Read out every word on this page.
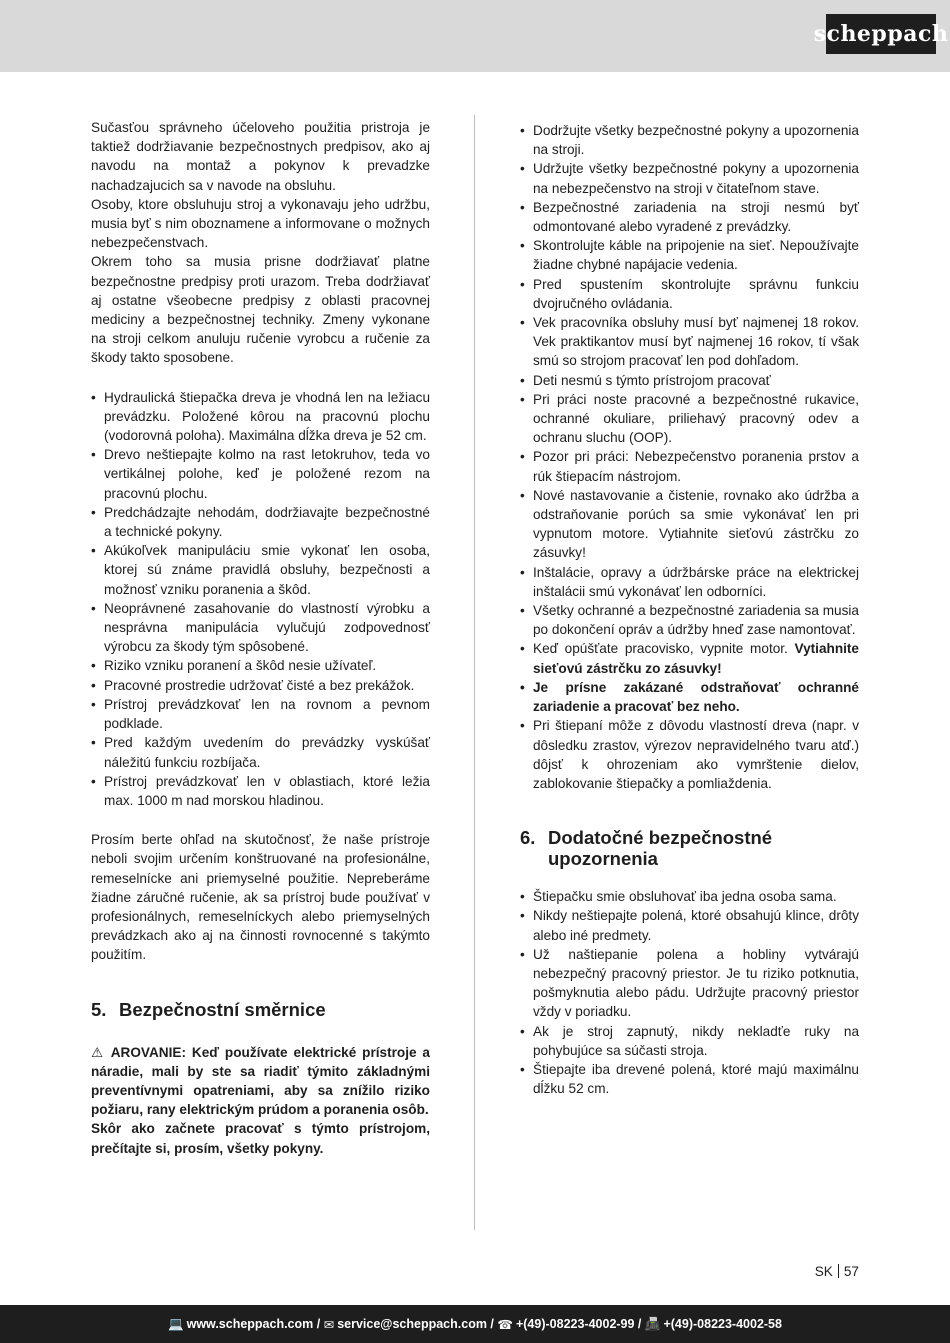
scheppach

Sučasťou správneho účeloveho použitia pristroja je taktiež dodržiavanie bezpečnostnych predpisov, ako aj navodu na montaž a pokynov k prevadzke nachadzajucich sa v navode na obsluhu.

Osoby, ktore obsluhuju stroj a vykonavaju jeho udržbu, musia byť s nim oboznamene a informovane o možnych nebezpečenstvach.

Okrem toho sa musia prisne dodržiavať platne bezpečnostne predpisy proti urazom. Treba dodržiavať aj ostatne všeobecne predpisy z oblasti pracovnej mediciny a bezpečnostnej techniky. Zmeny vykonane na stroji celkom anuluju ručenie vyrobcu a ručenie za škody takto sposobene.

• Hydraulická štiepačka dreva je vhodná len na ležiacu prevádzku. Položené kôrou na pracovnú plochu (vodorovná poloha). Maximálna dĺžka dreva je 52 cm.
• Drevo neštiepajte kolmo na rast letokruhov, teda vo vertikálnej polohe, keď je položené rezom na pracovnú plochu.
• Predchádzajte nehodám, dodržiavajte bezpečnostné a technické pokyny.
• Akúkoľvek manipuláciu smie vykonať len osoba, ktorej sú známe pravidlá obsluhy, bezpečnosti a možnosť vzniku poranenia a škôd.
• Neoprávnené zasahovanie do vlastností výrobku a nesprávna manipulácia vylučujú zodpovednosť výrobcu za škody tým spôsobené.
• Riziko vzniku poranení a škôd nesie užívateľ.
• Pracovné prostredie udržovať čisté a bez prekážok.
• Prístroj prevádzkovať len na rovnom a pevnom podklade.
• Pred každým uvedením do prevádzky vyskúšať náležitú funkciu rozbíjača.
• Prístroj prevádzkovať len v oblastiach, ktoré ležia max. 1000 m nad morskou hladinou.

Prosím berte ohľad na skutočnosť, že naše prístroje neboli svojim určením konštruované na profesionálne, remeselnícke ani priemyselné použitie. Nepreberáme žiadne záručné ručenie, ak sa prístroj bude používať v profesionálnych, remeselníckych alebo priemyselných prevádzkach ako aj na činnosti rovnocenné s takýmto použitím.

5. Bezpečnostní směrnice

⚠ AROVANIE: Keď používate elektrické prístroje a náradie, mali by ste sa riadiť týmito základnými preventívnymi opatreniami, aby sa znížilo riziko požiaru, rany elektrickým prúdom a poranenia osôb.

Skôr ako začnete pracovať s týmto prístrojom, prečítajte si, prosím, všetky pokyny.

• Dodržujte všetky bezpečnostné pokyny a upozornenia na stroji.
• Udržujte všetky bezpečnostné pokyny a upozornenia na nebezpečenstvo na stroji v čitateľnom stave.
• Bezpečnostné zariadenia na stroji nesmú byť odmontované alebo vyradené z prevádzky.
• Skontrolujte káble na pripojenie na sieť. Nepoužívajte žiadne chybné napájacie vedenia.
• Pred spustením skontrolujte správnu funkciu dvojručného ovládania.
• Vek pracovníka obsluhy musí byť najmenej 18 rokov. Vek praktikantov musí byť najmenej 16 rokov, tí však smú so strojom pracovať len pod dohľadom.
• Deti nesmú s týmto prístrojom pracovať
• Pri práci noste pracovné a bezpečnostné rukavice, ochranné okuliare, priliehavý pracovný odev a ochranu sluchu (OOP).
• Pozor pri práci: Nebezpečenstvo poranenia prstov a rúk štiepacím nástrojom.
• Nové nastavovanie a čistenie, rovnako ako údržba a odstraňovanie porúch sa smie vykonávať len pri vypnutom motore. Vytiahnite sieťovú zástrčku zo zásuvky!
• Inštalácie, opravy a údržbárske práce na elektrickej inštalácii smú vykonávať len odborníci.
• Všetky ochranné a bezpečnostné zariadenia sa musia po dokončení opráv a údržby hneď zase namontovať.
• Keď opúšťate pracovisko, vypnite motor. Vytiahnite sieťovú zástrčku zo zásuvky!
• Je prísne zakázané odstraňovať ochranné zariadenie a pracovať bez neho.
• Pri štiepaní môže z dôvodu vlastností dreva (napr. v dôsledku zrastov, výrezov nepravidelného tvaru atď.) dôjsť k ohrozeniam ako vymrštenie dielov, zablokovanie štiepačky a pomliaždenia.
6. Dodatočné bezpečnostné upozornenia
• Štiepačku smie obsluhovať iba jedna osoba sama.
• Nikdy neštiepajte polená, ktoré obsahujú klince, drôty alebo iné predmety.
• Už naštiepanie polena a hobliny vytvárajú nebezpečný pracovný priestor. Je tu riziko potknutia, pošmyknutia alebo pádu. Udržujte pracovný priestor vždy v poriadku.
• Ak je stroj zapnutý, nikdy nekladťe ruky na pohybujúce sa súčasti stroja.
• Štiepajte iba drevené polená, ktoré majú maximálnu dĺžku 52 cm.
SK 57
💻 www.scheppach.com /
✉ service@scheppach.com /
☎ +(49)-08223-4002-99 /
📠 +(49)-08223-4002-58
